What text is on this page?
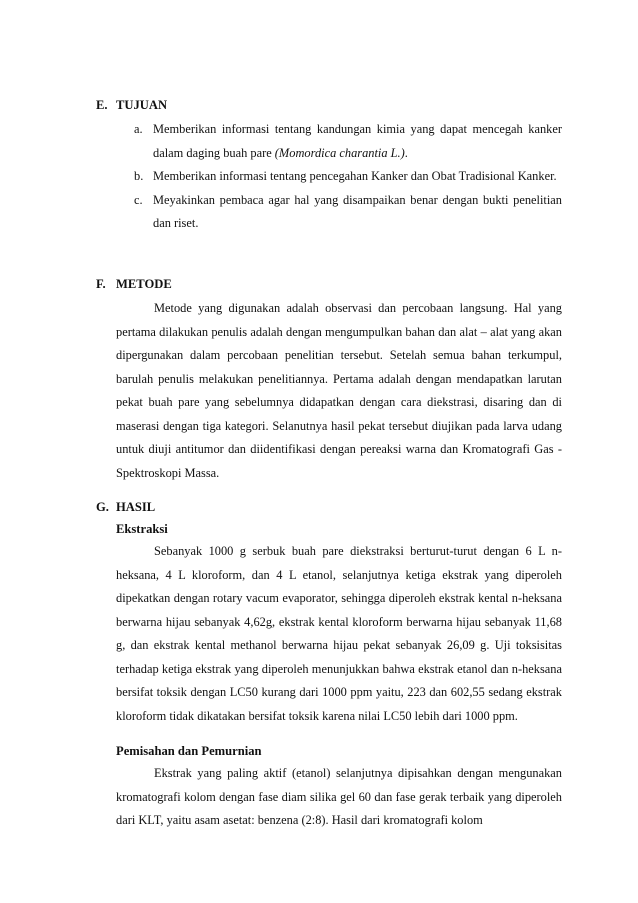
E. TUJUAN
a. Memberikan informasi tentang kandungan kimia yang dapat mencegah kanker dalam daging buah pare (Momordica charantia L.).
b. Memberikan informasi tentang pencegahan Kanker dan Obat Tradisional Kanker.
c. Meyakinkan pembaca agar hal yang disampaikan benar dengan bukti penelitian dan riset.
F. METODE

Metode yang digunakan adalah observasi dan percobaan langsung. Hal yang pertama dilakukan penulis adalah dengan mengumpulkan bahan dan alat – alat yang akan dipergunakan dalam percobaan penelitian tersebut. Setelah semua bahan terkumpul, barulah penulis melakukan penelitiannya. Pertama adalah dengan mendapatkan larutan pekat buah pare yang sebelumnya didapatkan dengan cara diekstrasi, disaring dan di maserasi dengan tiga kategori. Selanutnya hasil pekat tersebut diujikan pada larva udang untuk diuji antitumor dan diidentifikasi dengan pereaksi warna dan Kromatografi Gas - Spektroskopi Massa.

G. HASIL
Ekstraksi

Sebanyak 1000 g serbuk buah pare diekstraksi berturut-turut dengan 6 L n-heksana, 4 L kloroform, dan 4 L etanol, selanjutnya ketiga ekstrak yang diperoleh dipekatkan dengan rotary vacum evaporator, sehingga diperoleh ekstrak kental n-heksana berwarna hijau sebanyak 4,62g, ekstrak kental kloroform berwarna hijau sebanyak 11,68 g, dan ekstrak kental methanol berwarna hijau pekat sebanyak 26,09 g. Uji toksisitas terhadap ketiga ekstrak yang diperoleh menunjukkan bahwa ekstrak etanol dan n-heksana bersifat toksik dengan LC50 kurang dari 1000 ppm yaitu, 223 dan 602,55 sedang ekstrak kloroform tidak dikatakan bersifat toksik karena nilai LC50 lebih dari 1000 ppm.

Pemisahan dan Pemurnian

Ekstrak yang paling aktif (etanol) selanjutnya dipisahkan dengan mengunakan kromatografi kolom dengan fase diam silika gel 60 dan fase gerak terbaik yang diperoleh dari KLT, yaitu asam asetat: benzena (2:8). Hasil dari kromatografi kolom
